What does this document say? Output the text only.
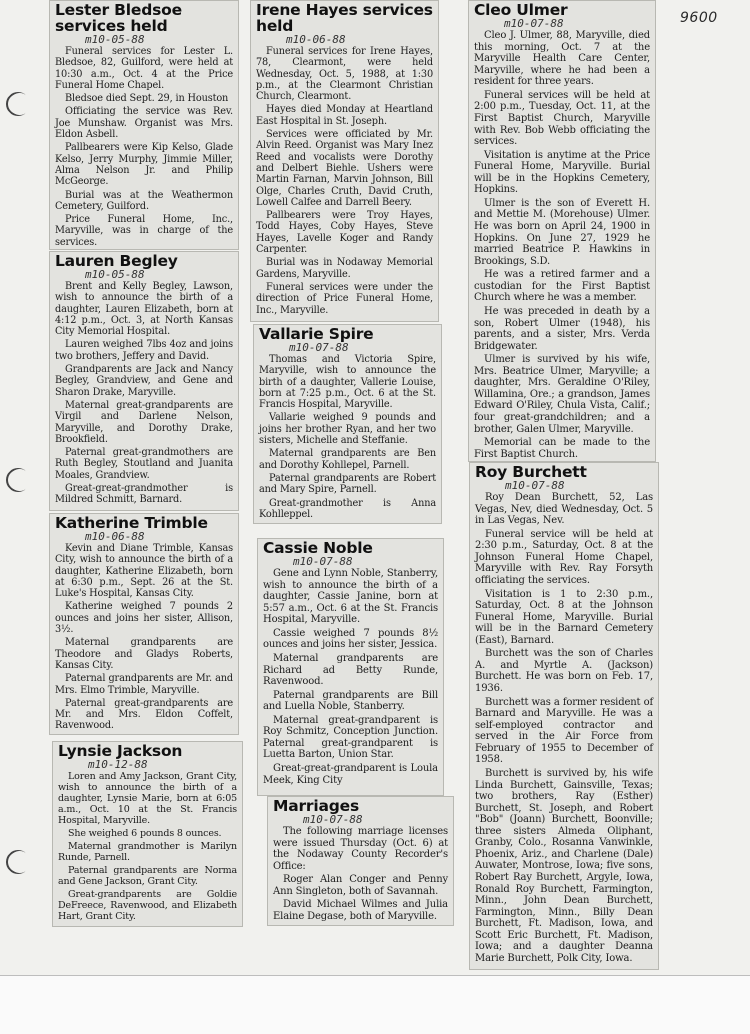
9600
Lester Bledsoe services held
m10-05-88

Funeral services for Lester L. Bledsoe, 82, Guilford, were held at 10:30 a.m., Oct. 4 at the Price Funeral Home Chapel.

Bledsoe died Sept. 29, in Houston

Officiating the service was Rev. Joe Munshaw. Organist was Mrs. Eldon Asbell.

Pallbearers were Kip Kelso, Glade Kelso, Jerry Murphy, Jimmie Miller, Alma Nelson Jr. and Philip McGeorge.

Burial was at the Weathermon Cemetery, Guilford.

Price Funeral Home, Inc., Maryville, was in charge of the services.

Lauren Begley
m10-05-88

Brent and Kelly Begley, Lawson, wish to announce the birth of a daughter, Lauren Elizabeth, born at 4:12 p.m., Oct. 3, at North Kansas City Memorial Hospital.

Lauren weighed 7lbs 4oz and joins two brothers, Jeffery and David.

Grandparents are Jack and Nancy Begley, Grandview, and Gene and Sharon Drake, Maryville.

Maternal great-grandparents are Virgil and Darlene Nelson, Maryville, and Dorothy Drake, Brookfield.

Paternal great-grandmothers are Ruth Begley, Stoutland and Juanita Moales, Grandview.

Great-great-grandmother is Mildred Schmitt, Barnard.

Katherine Trimble
m10-06-88

Kevin and Diane Trimble, Kansas City, wish to announce the birth of a daughter, Katherine Elizabeth, born at 6:30 p.m., Sept. 26 at the St. Luke's Hospital, Kansas City.

Katherine weighed 7 pounds 2 ounces and joins her sister, Allison, 3½.

Maternal grandparents are Theodore and Gladys Roberts, Kansas City.

Paternal grandparents are Mr. and Mrs. Elmo Trimble, Maryville.

Paternal great-grandparents are Mr. and Mrs. Eldon Coffelt, Ravenwood.

Lynsie Jackson
m10-12-88

Loren and Amy Jackson, Grant City, wish to announce the birth of a daughter, Lynsie Marie, born at 6:05 a.m., Oct. 10 at the St. Francis Hospital, Maryville.

She weighed 6 pounds 8 ounces.

Maternal grandmother is Marilyn Runde, Parnell.

Paternal grandparents are Norma and Gene Jackson, Grant City.

Great-grandparents are Goldie DeFreece, Ravenwood, and Elizabeth Hart, Grant City.

Irene Hayes services held
m10-06-88

Funeral services for Irene Hayes, 78, Clearmont, were held Wednesday, Oct. 5, 1988, at 1:30 p.m., at the Clearmont Christian Church, Clearmont.

Hayes died Monday at Heartland East Hospital in St. Joseph.

Services were officiated by Mr. Alvin Reed. Organist was Mary Inez Reed and vocalists were Dorothy and Delbert Biehle. Ushers were Martin Farnan, Marvin Johnson, Bill Olge, Charles Cruth, David Cruth, Lowell Calfee and Darrell Beery.

Pallbearers were Troy Hayes, Todd Hayes, Coby Hayes, Steve Hayes, Lavelle Koger and Randy Carpenter.

Burial was in Nodaway Memorial Gardens, Maryville.

Funeral services were under the direction of Price Funeral Home, Inc., Maryville.

Vallarie Spire
m10-07-88

Thomas and Victoria Spire, Maryville, wish to announce the birth of a daughter, Vallerie Louise, born at 7:25 p.m., Oct. 6 at the St. Francis Hospital, Maryville.

Vallarie weighed 9 pounds and joins her brother Ryan, and her two sisters, Michelle and Steffanie.

Maternal grandparents are Ben and Dorothy Kohllepel, Parnell.

Paternal grandparents are Robert and Mary Spire, Parnell.

Great-grandmother is Anna Kohlleppel.

Cassie Noble
m10-07-88

Gene and Lynn Noble, Stanberry, wish to announce the birth of a daughter, Cassie Janine, born at 5:57 a.m., Oct. 6 at the St. Francis Hospital, Maryville.

Cassie weighed 7 pounds 8½ ounces and joins her sister, Jessica.

Maternal grandparents are Richard ad Betty Runde, Ravenwood.

Paternal grandparents are Bill and Luella Noble, Stanberry.

Maternal great-grandparent is Roy Schmitz, Conception Junction. Paternal great-grandparent is Luetta Barton, Union Star.

Great-great-grandparent is Loula Meek, King City

Marriages
m10-07-88

The following marriage licenses were issued Thursday (Oct. 6) at the Nodaway County Recorder's Office:

Roger Alan Conger and Penny Ann Singleton, both of Savannah.

David Michael Wilmes and Julia Elaine Degase, both of Maryville.

Cleo Ulmer
m10-07-88

Cleo J. Ulmer, 88, Maryville, died this morning, Oct. 7 at the Maryville Health Care Center, Maryville, where he had been a resident for three years.

Funeral services will be held at 2:00 p.m., Tuesday, Oct. 11, at the First Baptist Church, Maryville with Rev. Bob Webb officiating the services.

Visitation is anytime at the Price Funeral Home, Maryville. Burial will be in the Hopkins Cemetery, Hopkins.

Ulmer is the son of Everett H. and Mettie M. (Morehouse) Ulmer. He was born on April 24, 1900 in Hopkins. On June 27, 1929 he married Beatrice P. Hawkins in Brookings, S.D.

He was a retired farmer and a custodian for the First Baptist Church where he was a member.

He was preceded in death by a son, Robert Ulmer (1948), his parents, and a sister, Mrs. Verda Bridgewater.

Ulmer is survived by his wife, Mrs. Beatrice Ulmer, Maryville; a daughter, Mrs. Geraldine O'Riley, Willamina, Ore.; a grandson, James Edward O'Riley, Chula Vista, Calif.; four great-grandchildren; and a brother, Galen Ulmer, Maryville.

Memorial can be made to the First Baptist Church.

Roy Burchett
m10-07-88

Roy Dean Burchett, 52, Las Vegas, Nev, died Wednesday, Oct. 5 in Las Vegas, Nev.

Funeral service will be held at 2:30 p.m., Saturday, Oct. 8 at the Johnson Funeral Home Chapel, Maryville with Rev. Ray Forsyth officiating the services.

Visitation is 1 to 2:30 p.m., Saturday, Oct. 8 at the Johnson Funeral Home, Maryville. Burial will be in the Barnard Cemetery (East), Barnard.

Burchett was the son of Charles A. and Myrtle A. (Jackson) Burchett. He was born on Feb. 17, 1936.

Burchett was a former resident of Barnard and Maryville. He was a self-employed contractor and served in the Air Force from February of 1955 to December of 1958.

Burchett is survived by, his wife Linda Burchett, Gainsville, Texas; two brothers, Ray (Esther) Burchett, St. Joseph, and Robert "Bob" (Joann) Burchett, Boonville; three sisters Almeda Oliphant, Granby, Colo., Rosanna Vanwinkle, Phoenix, Ariz., and Charlene (Dale) Auwater, Montrose, Iowa; five sons, Robert Ray Burchett, Argyle, Iowa, Ronald Roy Burchett, Farmington, Minn., John Dean Burchett, Farmington, Minn., Billy Dean Burchett, Ft. Madison, Iowa, and Scott Eric Burchett, Ft. Madison, Iowa; and a daughter Deanna Marie Burchett, Polk City, Iowa.
